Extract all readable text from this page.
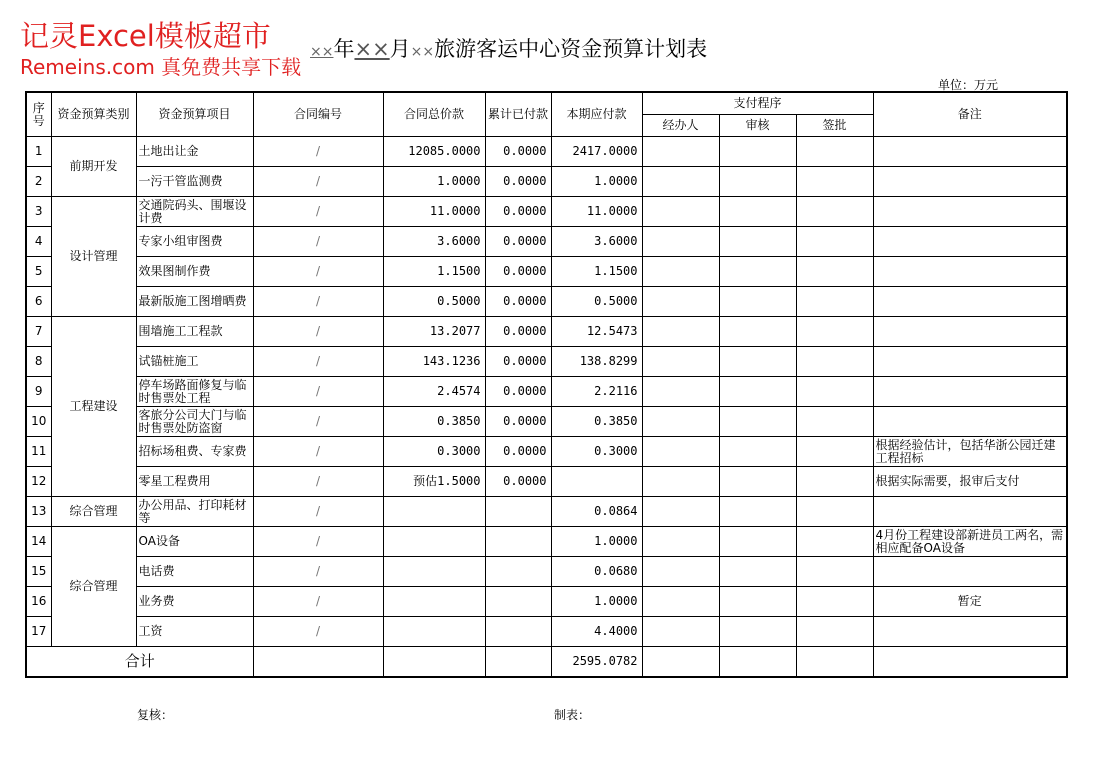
记灵Excel模板超市
Remeins.com 真免费共享下载
××年××月××旅游客运中心资金预算计划表
单位：万元
序号	资金预算类别	资金预算项目	合同编号	合同总价款	累计已付款	本期应付款	支付程序			备注
							经办人	审核	签批	
1	前期开发	土地出让金	/	12085.0000	0.0000	2417.0000				
2		一污干管监测费	/	1.0000	0.0000	1.0000				
3	设计管理	交通院码头、围堰设计费	/	11.0000	0.0000	11.0000				
4		专家小组审图费	/	3.6000	0.0000	3.6000				
5		效果图制作费	/	1.1500	0.0000	1.1500				
6		最新版施工图增晒费	/	0.5000	0.0000	0.5000				
7	工程建设	围墙施工工程款	/	13.2077	0.0000	12.5473				
8		试锚桩施工	/	143.1236	0.0000	138.8299				
9		停车场路面修复与临时售票处工程	/	2.4574	0.0000	2.2116				
10		客旅分公司大门与临时售票处防盗窗	/	0.3850	0.0000	0.3850				
11		招标场租费、专家费	/	0.3000	0.0000	0.3000				根据经验估计，包括华浙公园迁建工程招标
12		零星工程费用	/	预估1.5000	0.0000					根据实际需要，报审后支付
13	综合管理	办公用品、打印耗材等	/			0.0864				
14	综合管理	OA设备	/			1.0000				4月份工程建设部新进员工两名，需相应配备OA设备
15		电话费	/			0.0680				
16		业务费	/			1.0000				暂定
17		工资	/			4.4000				
合计						2595.0782				
复核：	制表：
